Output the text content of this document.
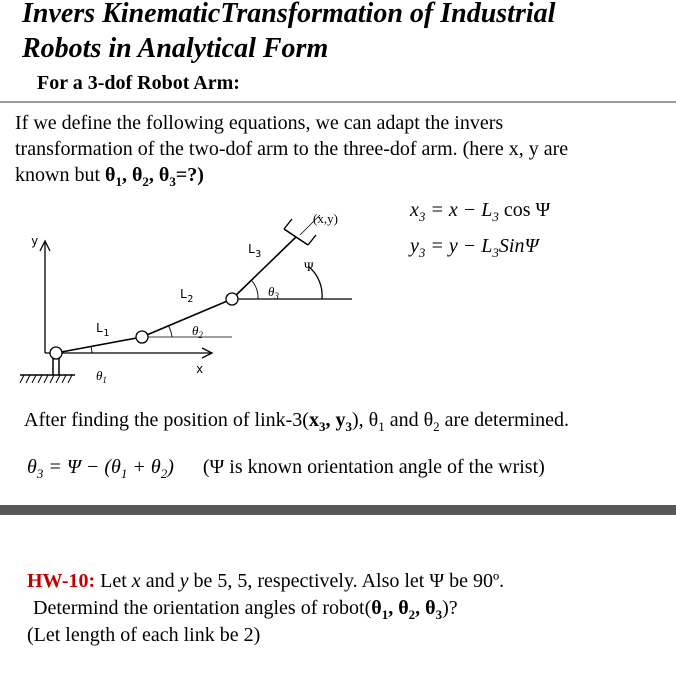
Invers KinematicTransformation of Industrial
Robots in Analytical Form
For a 3-dof Robot Arm:
If we define the following equations, we can adapt the invers
transformation of the two-dof arm to the three-dof arm. (here x, y are
known but $\theta_1$, $\theta_2$, $\theta_3=$?)
y
x
(x,y)
Ψ
$L_1$
$L_2$
$L_3$
$\theta_1$
$\theta_2$
$\theta_3$
$x_3 = x - L_3$ cos Ψ
$y_3 = y - L_3Sin\Psi$
After finding the position of link-$3(x_3$, $y_3$), $\theta_1$ and $\theta_2$ are determined.
$\theta_3 = \Psi - (\theta_1 + \theta_2)$ (Ψ is known orientation angle of the wrist)
HW-10: Let x and y be 5, 5, respectively. Also let Ψ be 90º.
Determind the orientation angles of $robot(\theta_1$, $\theta_2$, $\theta_3$)?
(Let length of each link be 2)
